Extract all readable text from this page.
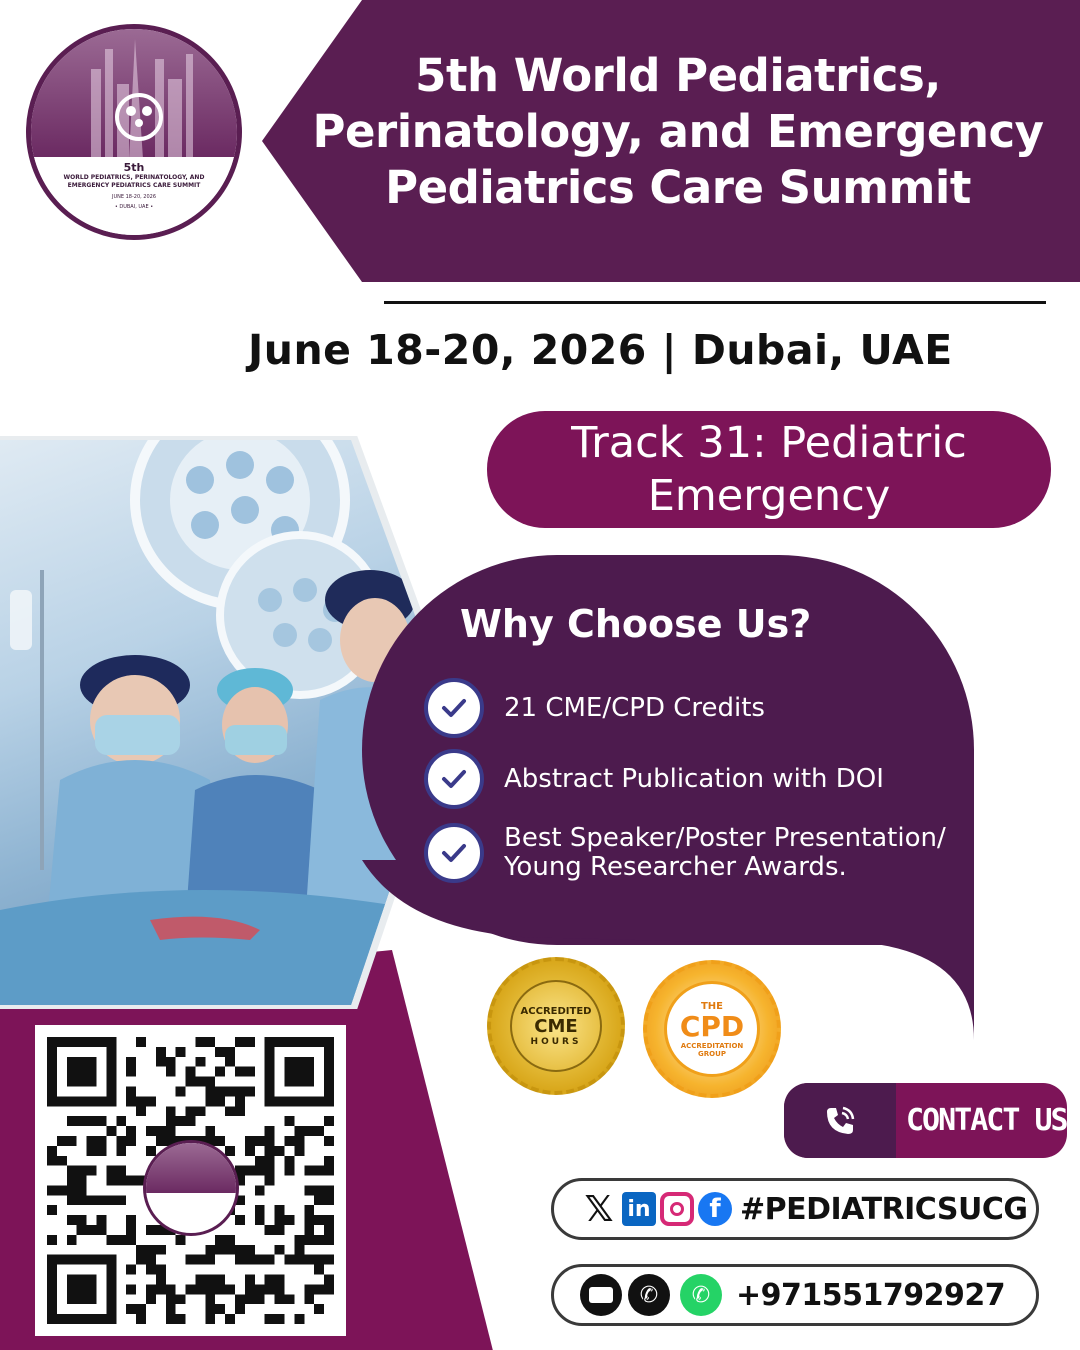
5th World Pediatrics,
Perinatology, and Emergency
Pediatrics Care Summit
5th
WORLD PEDIATRICS, PERINATOLOGY, AND EMERGENCY PEDIATRICS CARE SUMMIT
JUNE 18-20, 2026
• DUBAI, UAE •
June 18-20, 2026 | Dubai, UAE
Track 31: Pediatric
Emergency
Why Choose Us?
21 CME/CPD Credits
Abstract Publication with DOI
Best Speaker/Poster Presentation/
Young Researcher Awards.
ACCREDITED
CME
HOURS
THE
CPD
ACCREDITATION
GROUP
CONTACT US
𝕏 in	f #PEDIATRICSUCG
✆	✆ +971551792927
